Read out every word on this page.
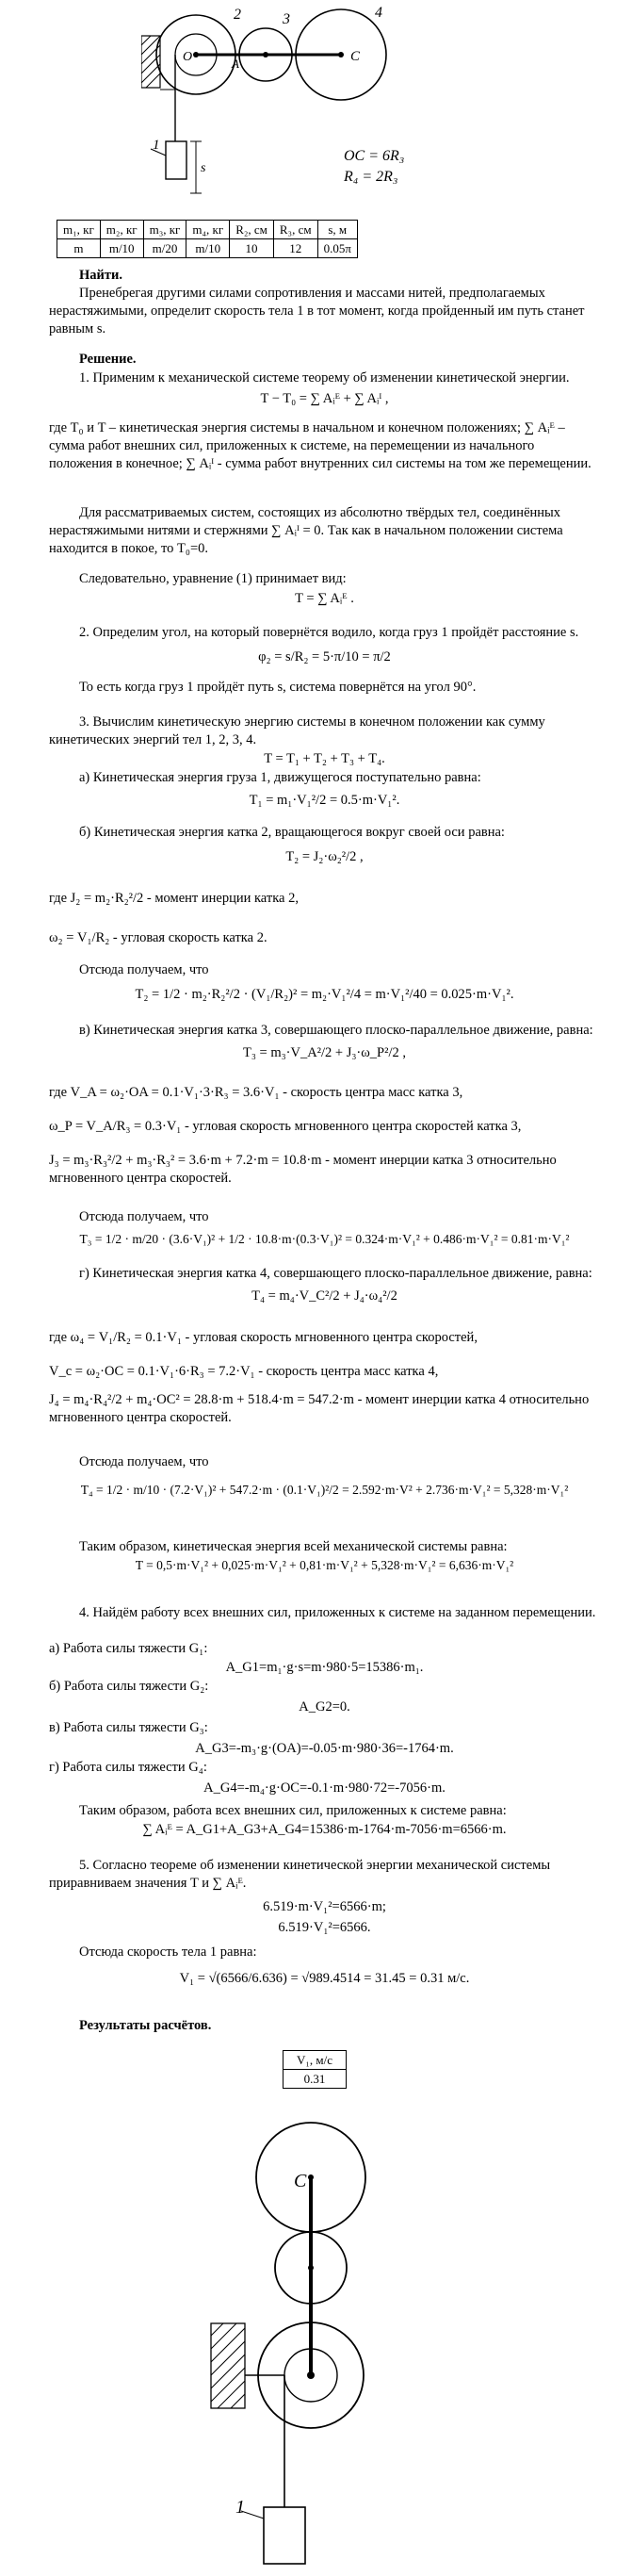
2	3	4
O	A	C
1
s
OC = 6R₃
R₄ = 2R₃
m₁, кг	m₂, кг	m₃, кг	m₄, кг	R₂, см	R₃, см	s, м
m	m/10	m/20	m/10	10	12	0.05π

Найти.

Пренебрегая другими силами сопротивления и массами нитей, предполагаемых нерастяжимыми, определит скорость тела 1 в тот момент, когда пройденный им путь станет равным s.

Решение.

1. Применим к механической системе теорему об изменении кинетической энергии.

T − T₀ = ∑ Aᵢᴱ + ∑ Aᵢᴵ ,

где T₀ и T – кинетическая энергия системы в начальном и конечном положениях; ∑ Aᵢᴱ – сумма работ внешних сил, приложенных к системе, на перемещении из начального положения в конечное; ∑ Aᵢᴵ - сумма работ внутренних сил системы на том же перемещении.

Для рассматриваемых систем, состоящих из абсолютно твёрдых тел, соединённых нерастяжимыми нитями и стержнями ∑ Aᵢᴵ = 0. Так как в начальном положении система находится в покое, то T₀=0.

Следовательно, уравнение (1) принимает вид:

T = ∑ Aᵢᴱ .

2. Определим угол, на который повернётся водило, когда груз 1 пройдёт расстояние s.

φ₂ = s/R₂ = 5·π/10 = π/2

То есть когда груз 1 пройдёт путь s, система повернётся на угол 90°.

3. Вычислим кинетическую энергию системы в конечном положении как сумму кинетических энергий тел 1, 2, 3, 4.

T = T₁ + T₂ + T₃ + T₄.

а) Кинетическая энергия груза 1, движущегося поступательно равна:

T₁ = m₁·V₁²/2 = 0.5·m·V₁².

б) Кинетическая энергия катка 2, вращающегося вокруг своей оси равна:

T₂ = J₂·ω₂²/2 ,

где J₂ = m₂·R₂²/2 - момент инерции катка 2,

ω₂ = V₁/R₂ - угловая скорость катка 2.

Отсюда получаем, что

T₂ = 1/2 · m₂·R₂²/2 · (V₁/R₂)² = m₂·V₁²/4 = m·V₁²/40 = 0.025·m·V₁².

в) Кинетическая энергия катка 3, совершающего плоско-параллельное движение, равна:

T₃ = m₃·V_A²/2 + J₃·ω_P²/2 ,

где V_A = ω₂·OA = 0.1·V₁·3·R₃ = 3.6·V₁ - скорость центра масс катка 3,

ω_P = V_A/R₃ = 0.3·V₁ - угловая скорость мгновенного центра скоростей катка 3,

J₃ = m₃·R₃²/2 + m₃·R₃² = 3.6·m + 7.2·m = 10.8·m - момент инерции катка 3 относительно мгновенного центра скоростей.

Отсюда получаем, что

T₃ = 1/2 · m/20 · (3.6·V₁)² + 1/2 · 10.8·m·(0.3·V₁)² = 0.324·m·V₁² + 0.486·m·V₁² = 0.81·m·V₁²

г) Кинетическая энергия катка 4, совершающего плоско-параллельное движение, равна:

T₄ = m₄·V_C²/2 + J₄·ω₄²/2

где ω₄ = V₁/R₂ = 0.1·V₁ - угловая скорость мгновенного центра скоростей,

V_c = ω₂·OC = 0.1·V₁·6·R₃ = 7.2·V₁ - скорость центра масс катка 4,

J₄ = m₄·R₄²/2 + m₄·OC² = 28.8·m + 518.4·m = 547.2·m - момент инерции катка 4 относительно мгновенного центра скоростей.

Отсюда получаем, что

T₄ = 1/2 · m/10 · (7.2·V₁)² + 547.2·m · (0.1·V₁)²/2 = 2.592·m·V² + 2.736·m·V₁² = 5,328·m·V₁²

Таким образом, кинетическая энергия всей механической системы равна:

T = 0,5·m·V₁² + 0,025·m·V₁² + 0,81·m·V₁² + 5,328·m·V₁² = 6,636·m·V₁²

4. Найдём работу всех внешних сил, приложенных к системе на заданном перемещении.

а) Работа силы тяжести G₁:

A_G1=m₁·g·s=m·980·5=15386·m₁.

б) Работа силы тяжести G₂:

A_G2=0.

в) Работа силы тяжести G₃:

A_G3=-m₃·g·(OA)=-0.05·m·980·36=-1764·m.

г) Работа силы тяжести G₄:

A_G4=-m₄·g·OC=-0.1·m·980·72=-7056·m.

Таким образом, работа всех внешних сил, приложенных к системе равна:

∑ Aᵢᴱ = A_G1+A_G3+A_G4=15386·m-1764·m-7056·m=6566·m.

5. Согласно теореме об изменении кинетической энергии механической системы приравниваем значения T и ∑ Aᵢᴱ.

6.519·m·V₁²=6566·m;

6.519·V₁²=6566.

Отсюда скорость тела 1 равна:

V₁ = √(6566/6.636) = √989.4514 = 31.45 = 0.31 м/с.

Результаты расчётов.

V₁, м/с
0.31
C
1
